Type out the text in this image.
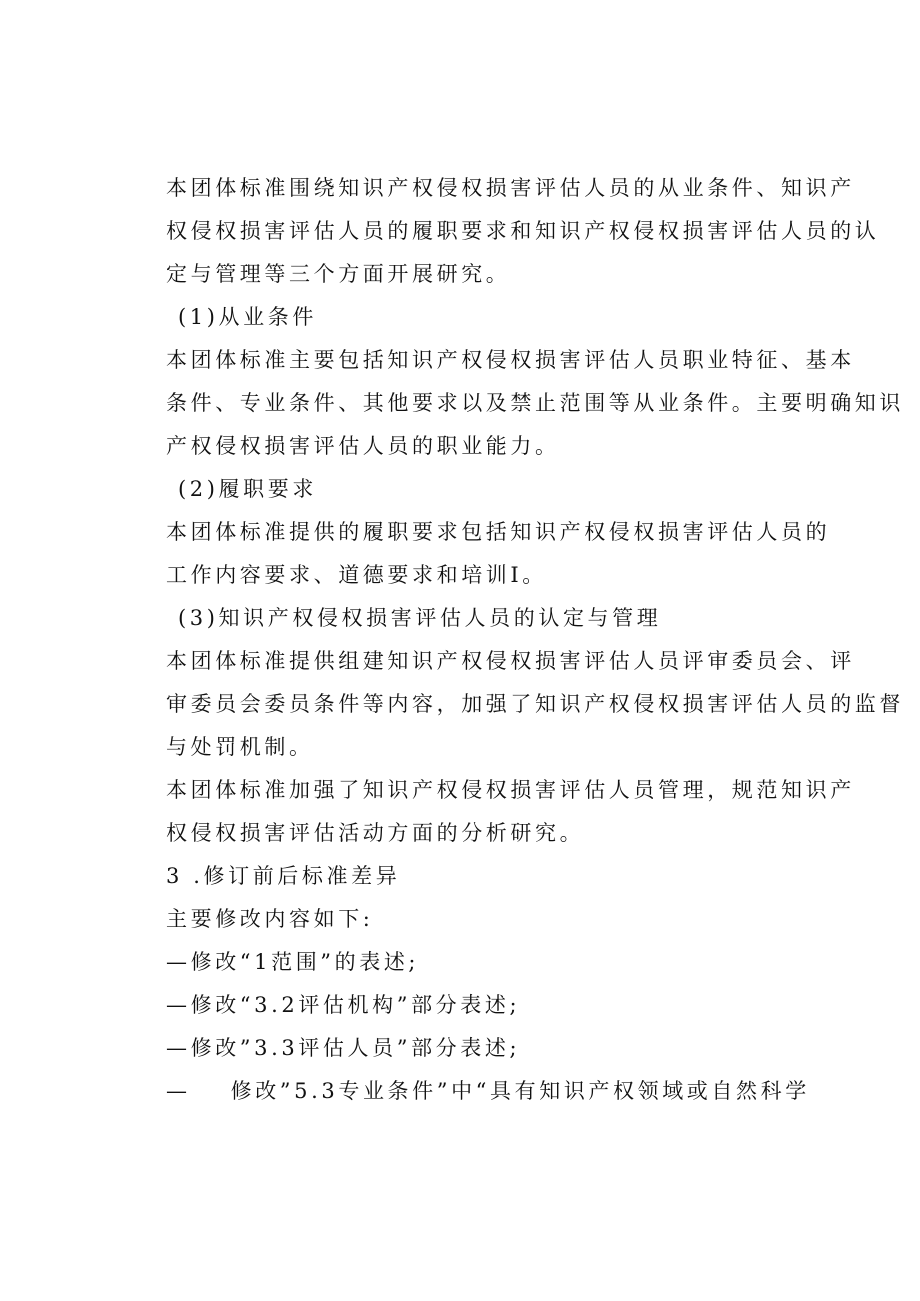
本团体标准围绕知识产权侵权损害评估人员的从业条件、知识产
权侵权损害评估人员的履职要求和知识产权侵权损害评估人员的认
定与管理等三个方面开展研究。
(1)从业条件
本团体标准主要包括知识产权侵权损害评估人员职业特征、基本
条件、专业条件、其他要求以及禁止范围等从业条件。主要明确知识
产权侵权损害评估人员的职业能力。
(2)履职要求
本团体标准提供的履职要求包括知识产权侵权损害评估人员的
工作内容要求、道德要求和培训I。
(3)知识产权侵权损害评估人员的认定与管理
本团体标准提供组建知识产权侵权损害评估人员评审委员会、评
审委员会委员条件等内容，加强了知识产权侵权损害评估人员的监督
与处罚机制。
本团体标准加强了知识产权侵权损害评估人员管理，规范知识产
权侵权损害评估活动方面的分析研究。
3 .修订前后标准差异
主要修改内容如下:
—修改“1范围”的表述;
—修改“3.2评估机构”部分表述;
—修改”3.3评估人员”部分表述;
— 修改”5.3专业条件”中“具有知识产权领域或自然科学
